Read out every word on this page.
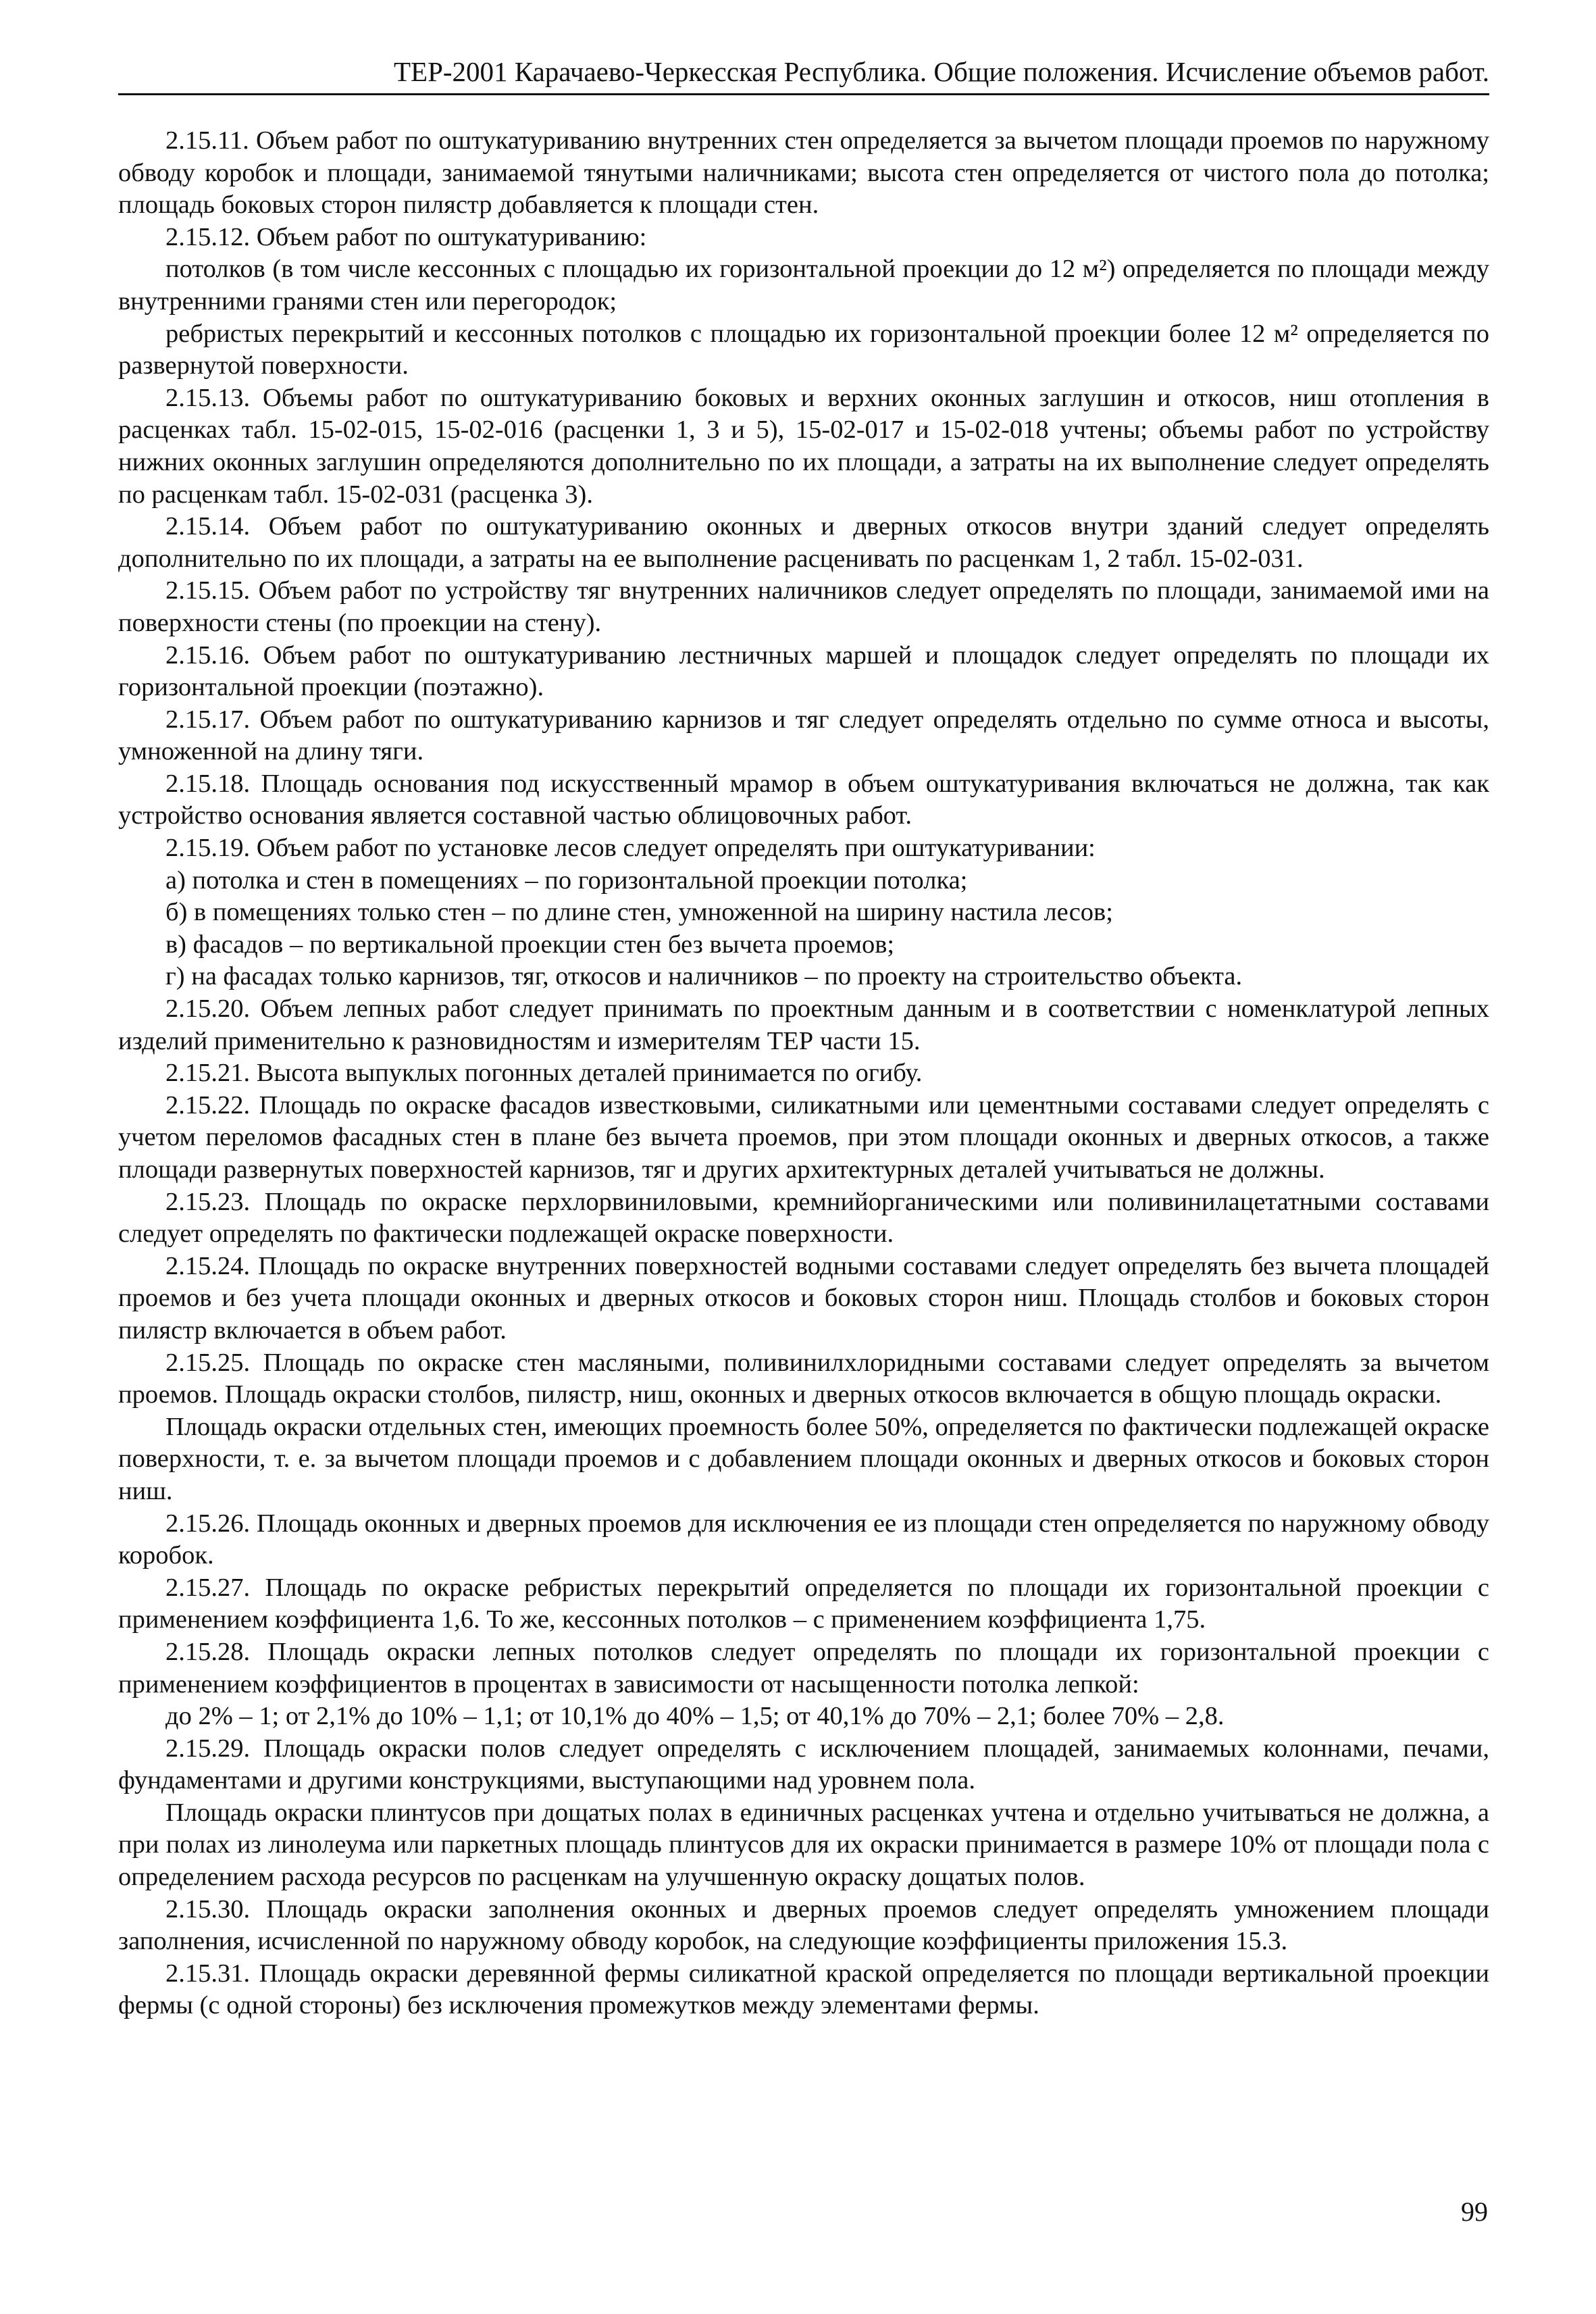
ТЕР-2001 Карачаево-Черкесская Республика. Общие положения. Исчисление объемов работ.

2.15.11. Объем работ по оштукатуриванию внутренних стен определяется за вычетом площади проемов по наружному обводу коробок и площади, занимаемой тянутыми наличниками; высота стен определяется от чистого пола до потолка; площадь боковых сторон пилястр добавляется к площади стен.

2.15.12. Объем работ по оштукатуриванию:

потолков (в том числе кессонных с площадью их горизонтальной проекции до 12 м²) определяется по площади между внутренними гранями стен или перегородок;

ребристых перекрытий и кессонных потолков с площадью их горизонтальной проекции более 12 м² определяется по развернутой поверхности.

2.15.13. Объемы работ по оштукатуриванию боковых и верхних оконных заглушин и откосов, ниш отопления в расценках табл. 15-02-015, 15-02-016 (расценки 1, 3 и 5), 15-02-017 и 15-02-018 учтены; объемы работ по устройству нижних оконных заглушин определяются дополнительно по их площади, а затраты на их выполнение следует определять по расценкам табл. 15-02-031 (расценка 3).

2.15.14. Объем работ по оштукатуриванию оконных и дверных откосов внутри зданий следует определять дополнительно по их площади, а затраты на ее выполнение расценивать по расценкам 1, 2 табл. 15-02-031.

2.15.15. Объем работ по устройству тяг внутренних наличников следует определять по площади, занимаемой ими на поверхности стены (по проекции на стену).

2.15.16. Объем работ по оштукатуриванию лестничных маршей и площадок следует определять по площади их горизонтальной проекции (поэтажно).

2.15.17. Объем работ по оштукатуриванию карнизов и тяг следует определять отдельно по сумме относа и высоты, умноженной на длину тяги.

2.15.18. Площадь основания под искусственный мрамор в объем оштукатуривания включаться не должна, так как устройство основания является составной частью облицовочных работ.

2.15.19. Объем работ по установке лесов следует определять при оштукатуривании:

а) потолка и стен в помещениях – по горизонтальной проекции потолка;

б) в помещениях только стен – по длине стен, умноженной на ширину настила лесов;

в) фасадов – по вертикальной проекции стен без вычета проемов;

г) на фасадах только карнизов, тяг, откосов и наличников – по проекту на строительство объекта.

2.15.20. Объем лепных работ следует принимать по проектным данным и в соответствии с номенклатурой лепных изделий применительно к разновидностям и измерителям ТЕР части 15.

2.15.21. Высота выпуклых погонных деталей принимается по огибу.

2.15.22. Площадь по окраске фасадов известковыми, силикатными или цементными составами следует определять с учетом переломов фасадных стен в плане без вычета проемов, при этом площади оконных и дверных откосов, а также площади развернутых поверхностей карнизов, тяг и других архитектурных деталей учитываться не должны.

2.15.23. Площадь по окраске перхлорвиниловыми, кремнийорганическими или поливинилацетатными составами следует определять по фактически подлежащей окраске поверхности.

2.15.24. Площадь по окраске внутренних поверхностей водными составами следует определять без вычета площадей проемов и без учета площади оконных и дверных откосов и боковых сторон ниш. Площадь столбов и боковых сторон пилястр включается в объем работ.

2.15.25. Площадь по окраске стен масляными, поливинилхлоридными составами следует определять за вычетом проемов. Площадь окраски столбов, пилястр, ниш, оконных и дверных откосов включается в общую площадь окраски.

Площадь окраски отдельных стен, имеющих проемность более 50%, определяется по фактически подлежащей окраске поверхности, т. е. за вычетом площади проемов и с добавлением площади оконных и дверных откосов и боковых сторон ниш.

2.15.26. Площадь оконных и дверных проемов для исключения ее из площади стен определяется по наружному обводу коробок.

2.15.27. Площадь по окраске ребристых перекрытий определяется по площади их горизонтальной проекции с применением коэффициента 1,6. То же, кессонных потолков – с применением коэффициента 1,75.

2.15.28. Площадь окраски лепных потолков следует определять по площади их горизонтальной проекции с применением коэффициентов в процентах в зависимости от насыщенности потолка лепкой:

до 2% – 1; от 2,1% до 10% – 1,1; от 10,1% до 40% – 1,5; от 40,1% до 70% – 2,1; более 70% – 2,8.

2.15.29. Площадь окраски полов следует определять с исключением площадей, занимаемых колоннами, печами, фундаментами и другими конструкциями, выступающими над уровнем пола.

Площадь окраски плинтусов при дощатых полах в единичных расценках учтена и отдельно учитываться не должна, а при полах из линолеума или паркетных площадь плинтусов для их окраски принимается в размере 10% от площади пола с определением расхода ресурсов по расценкам на улучшенную окраску дощатых полов.

2.15.30. Площадь окраски заполнения оконных и дверных проемов следует определять умножением площади заполнения, исчисленной по наружному обводу коробок, на следующие коэффициенты приложения 15.3.

2.15.31. Площадь окраски деревянной фермы силикатной краской определяется по площади вертикальной проекции фермы (с одной стороны) без исключения промежутков между элементами фермы.

99
